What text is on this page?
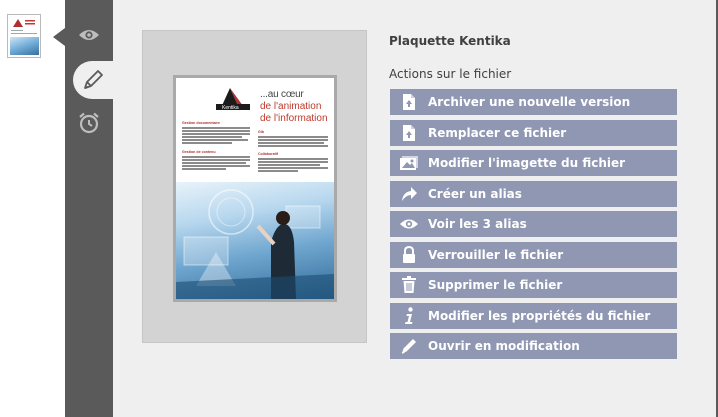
Kentika
...au cœur
de l'animation
de l'information
Gestion documentaire
Gestion de contenu
Gib
Collaboratif
Plaquette Kentika
Actions sur le fichier
Archiver une nouvelle version
Remplacer ce fichier
Modifier l'imagette du fichier
Créer un alias
Voir les 3 alias
Verrouiller le fichier
Supprimer le fichier
Modifier les propriétés du fichier
Ouvrir en modification
